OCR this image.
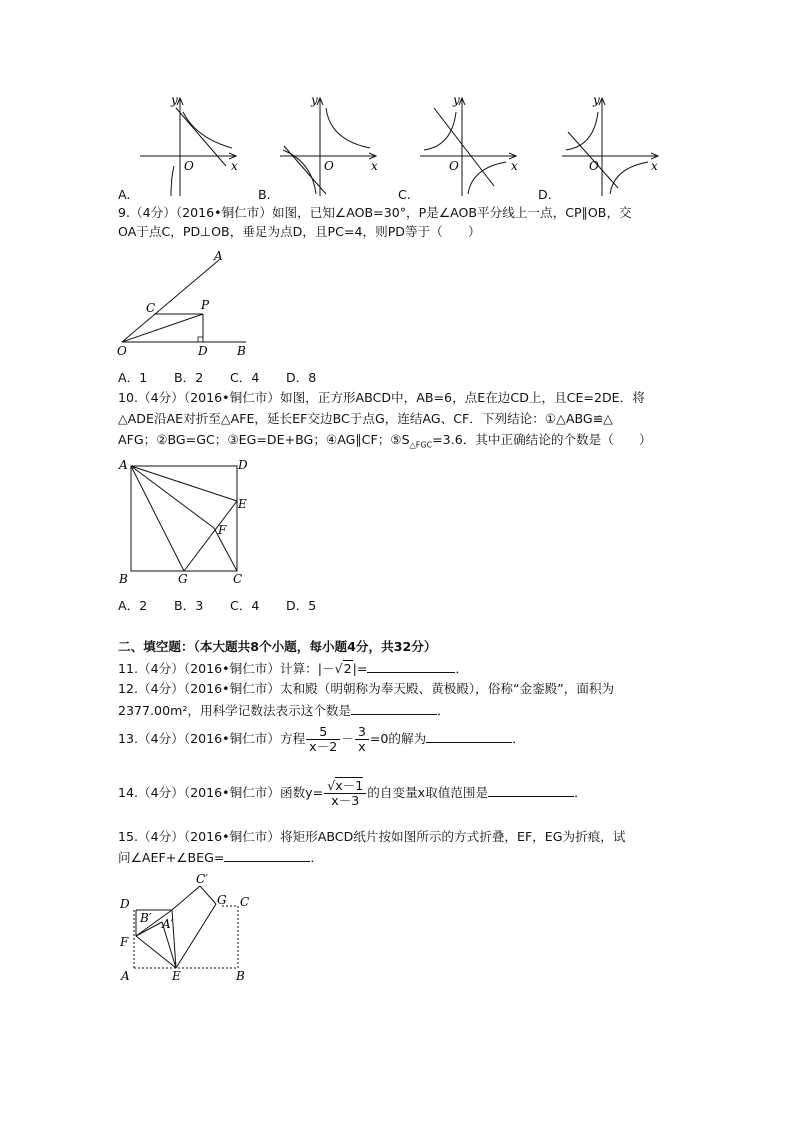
y
x
O
y
x
O
y
x
O
y
x
O
A.	B.	C.	D.
9.（4分）（2016•铜仁市）如图，已知∠AOB=30°，P是∠AOB平分线上一点，CP∥OB，交
OA于点C，PD⊥OB，垂足为点D，且PC=4，则PD等于（　　）
A
C	P
O	D B
A．1 B．2 C．4 D．8
10.（4分）（2016•铜仁市）如图，正方形ABCD中，AB=6，点E在边CD上，且CE=2DE．将
△ADE沿AE对折至△AFE，延长EF交边BC于点G，连结AG、CF．下列结论：①△ABG≌△
AFG；②BG=GC；③EG=DE+BG；④AG∥CF；$⑤S_{\triangle FGC}=3.6$．其中正确结论的个数是（　　）
A	D
E
F
B	G	C
A．2 B．3 C．4 D．5
二、填空题：（本大题共8个小题，每小题4分，共32分）
11.（4分）（2016•铜仁市）计算：|－√2|=	．
12.（4分）（2016•铜仁市）太和殿（明朝称为奉天殿、黄极殿），俗称“金銮殿”，面积为
2377.00m²，用科学记数法表示这个数是	．
13.（4分）（2016•铜仁市）方程 $\frac{5}{x-2} - \frac{3}{x} =0$的解为	．
14.（4分）（2016•铜仁市）函数$y= \frac{√x-1}{x-3}$ 的自变量x取值范围是	．
15.（4分）（2016•铜仁市）将矩形ABCD纸片按如图所示的方式折叠，EF，EG为折痕，试
问∠AEF+∠BEG=	．
C′
D	G C
B′ A′
F
A	E	B
